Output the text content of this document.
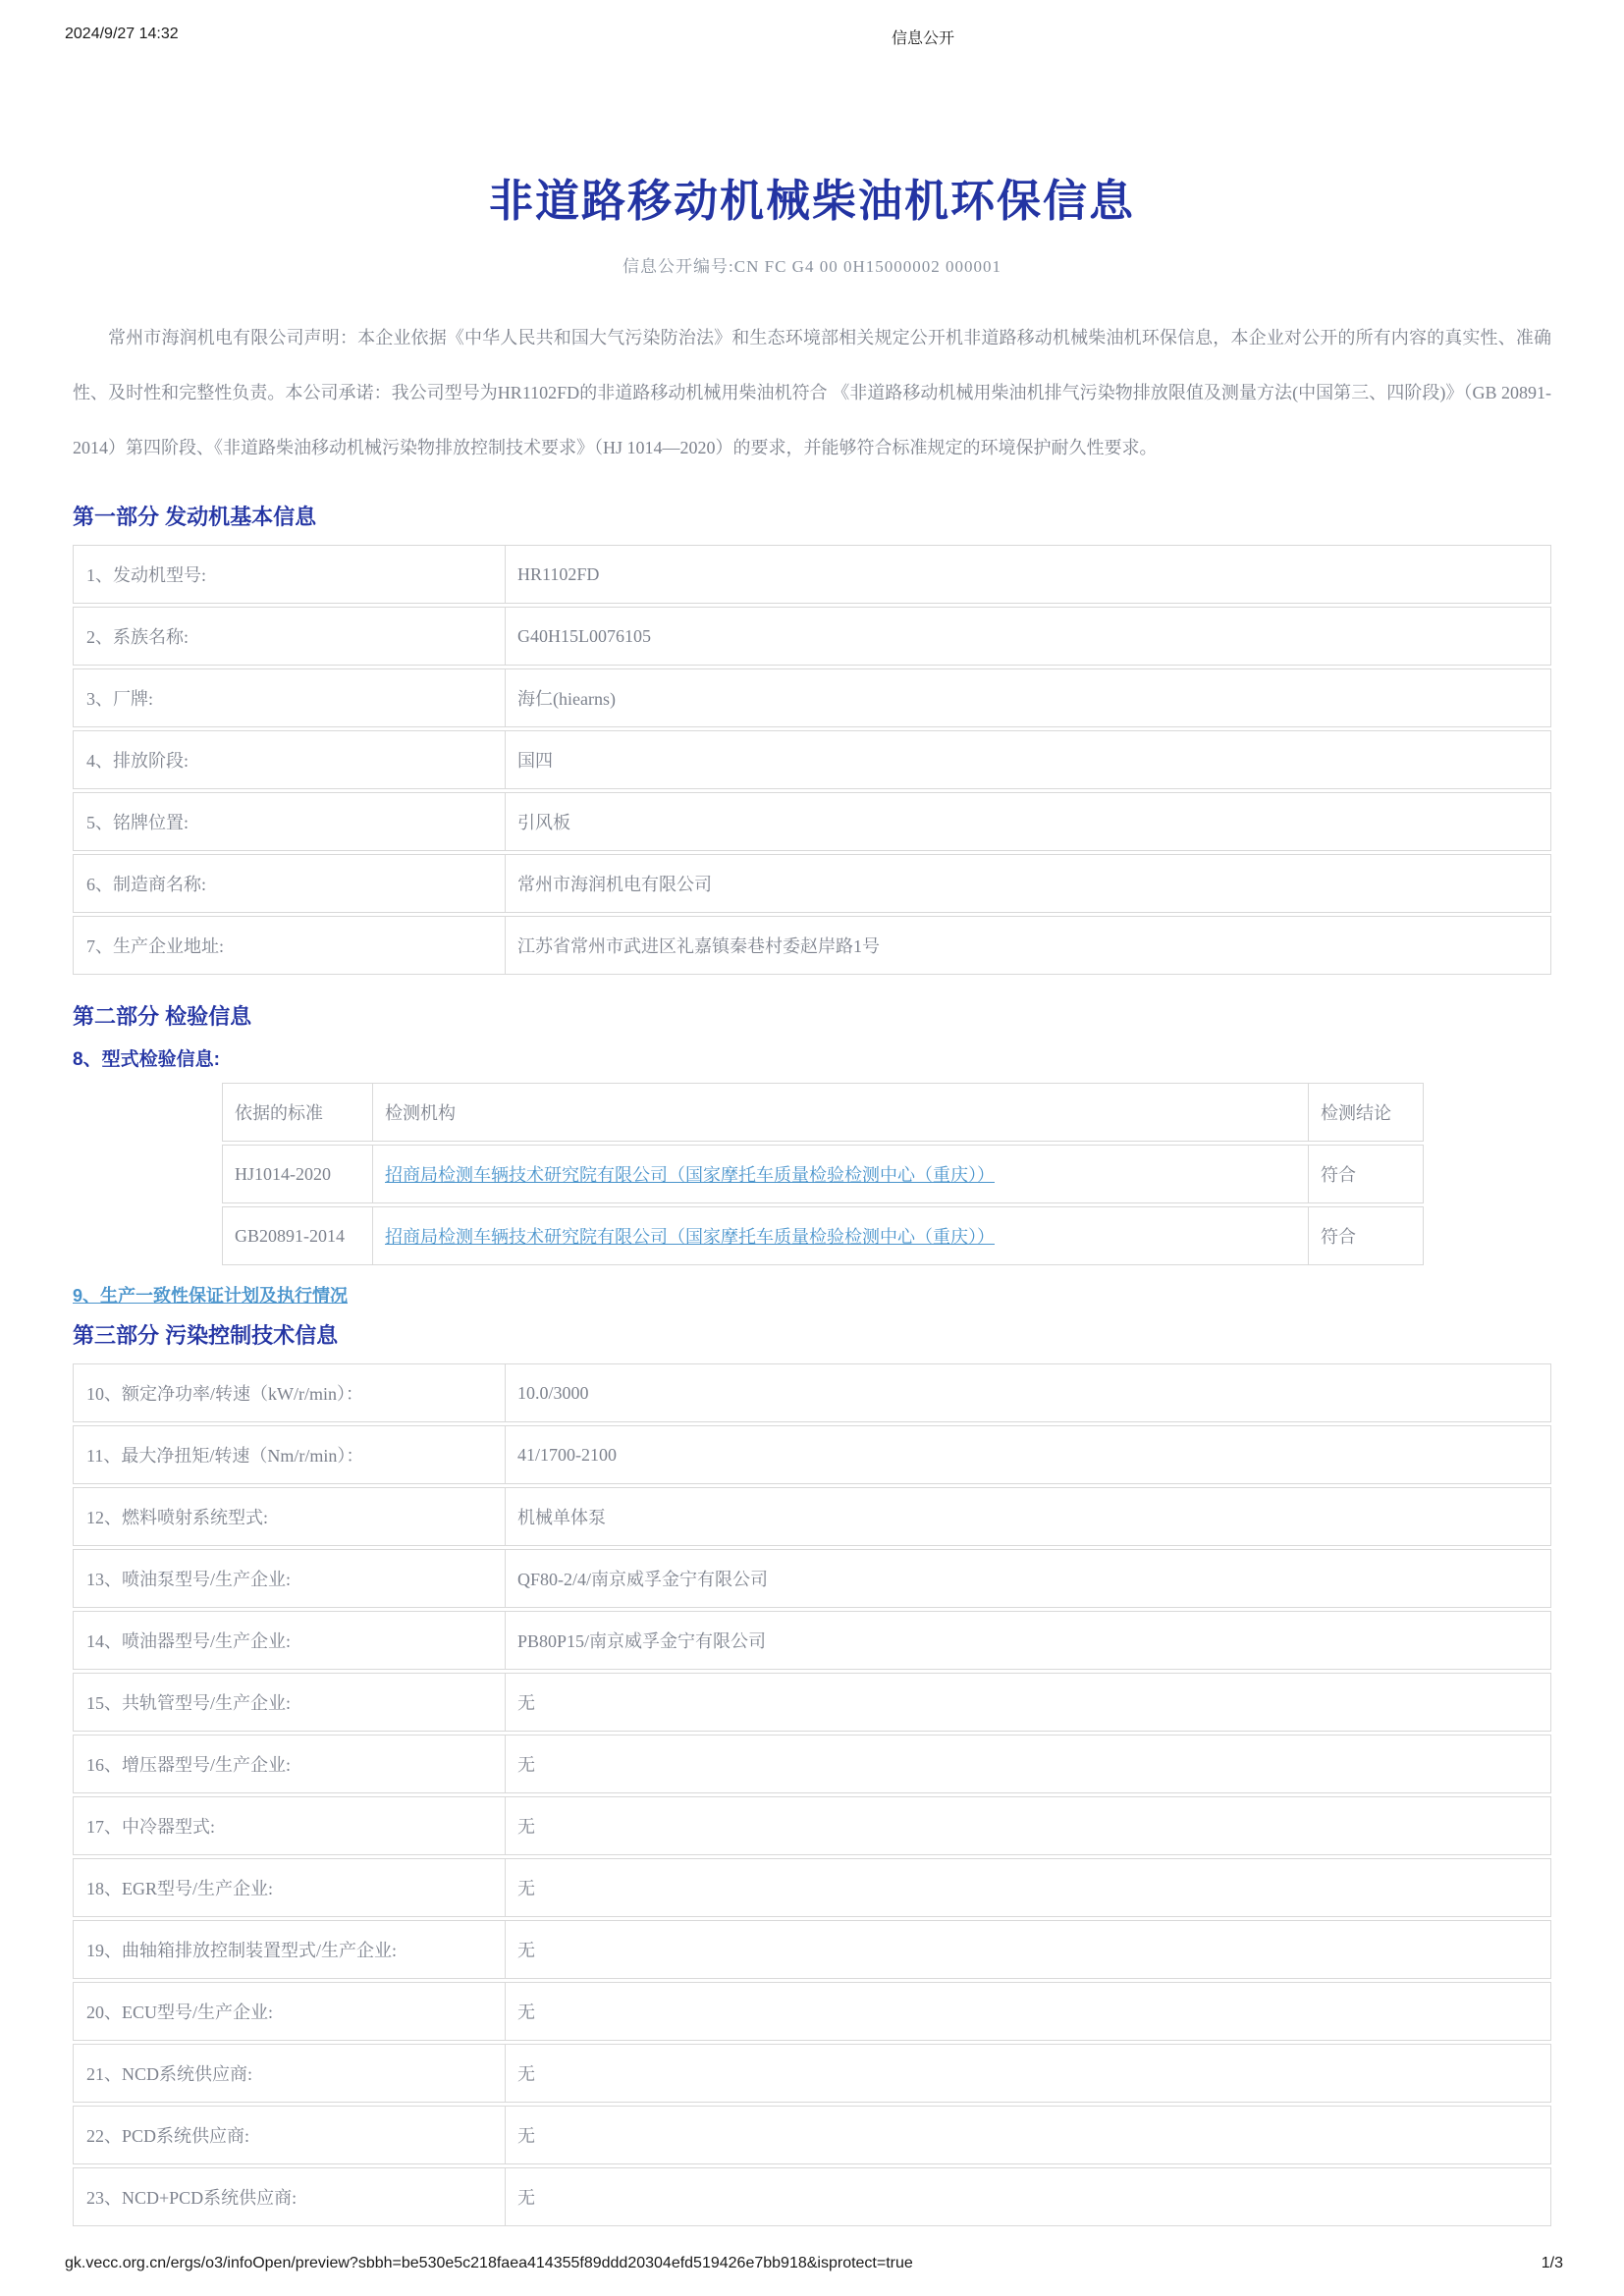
2024/9/27 14:32	信息公开
非道路移动机械柴油机环保信息
信息公开编号:CN FC G4 00 0H15000002 000001

常州市海润机电有限公司声明：本企业依据《中华人民共和国大气污染防治法》和生态环境部相关规定公开机非道路移动机械柴油机环保信息，本企业对公开的所有内容的真实性、准确性、及时性和完整性负责。本公司承诺：我公司型号为HR1102FD的非道路移动机械用柴油机符合 《非道路移动机械用柴油机排气污染物排放限值及测量方法(中国第三、四阶段)》（GB 20891-2014）第四阶段、《非道路柴油移动机械污染物排放控制技术要求》（HJ 1014—2020）的要求，并能够符合标准规定的环境保护耐久性要求。

第一部分 发动机基本信息
1、发动机型号:	HR1102FD
2、系族名称:	G40H15L0076105
3、厂牌:	海仁(hiearns)
4、排放阶段:	国四
5、铭牌位置:	引风板
6、制造商名称:	常州市海润机电有限公司
7、生产企业地址:	江苏省常州市武进区礼嘉镇秦巷村委赵岸路1号
第二部分 检验信息
8、型式检验信息:
依据的标准	检测机构	检测结论
HJ1014-2020	招商局检测车辆技术研究院有限公司（国家摩托车质量检验检测中心（重庆））	符合
GB20891-2014	招商局检测车辆技术研究院有限公司（国家摩托车质量检验检测中心（重庆））	符合
9、生产一致性保证计划及执行情况
第三部分 污染控制技术信息
10、额定净功率/转速（kW/r/min）：	10.0/3000
11、最大净扭矩/转速（Nm/r/min）：	41/1700-2100
12、燃料喷射系统型式:	机械单体泵
13、喷油泵型号/生产企业:	QF80-2/4/南京威孚金宁有限公司
14、喷油器型号/生产企业:	PB80P15/南京威孚金宁有限公司
15、共轨管型号/生产企业:	无
16、增压器型号/生产企业:	无
17、中冷器型式:	无
18、EGR型号/生产企业:	无
19、曲轴箱排放控制装置型式/生产企业:	无
20、ECU型号/生产企业:	无
21、NCD系统供应商:	无
22、PCD系统供应商:	无
23、NCD+PCD系统供应商:	无
gk.vecc.org.cn/ergs/o3/infoOpen/preview?sbbh=be530e5c218faea414355f89ddd20304efd519426e7bb918&isprotect=true	1/3
